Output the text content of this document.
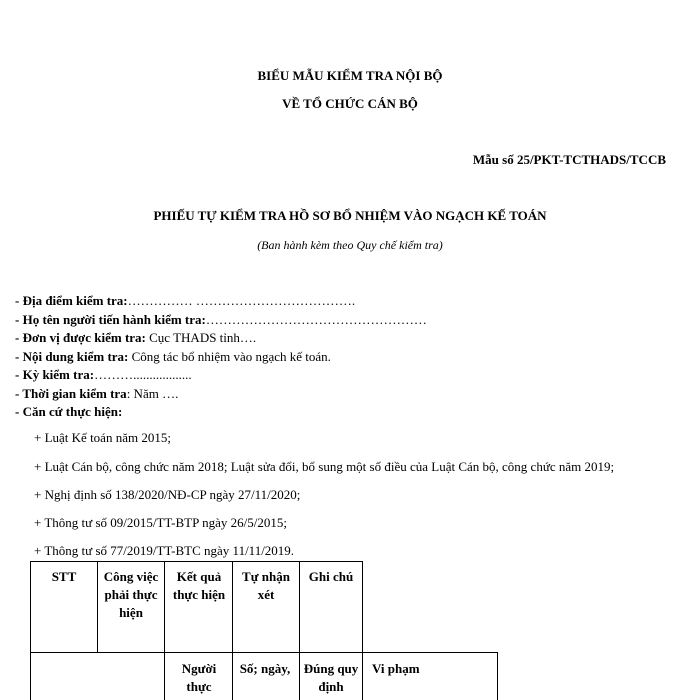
BIỂU MẪU KIỂM TRA NỘI BỘ
VỀ TỔ CHỨC CÁN BỘ
Mẫu số 25/PKT-TCTHADS/TCCB
PHIẾU TỰ KIỂM TRA HỒ SƠ BỔ NHIỆM VÀO NGẠCH KẾ TOÁN
(Ban hành kèm theo Quy chế kiểm tra)
- Địa điểm kiểm tra:…………… ……………………………….
- Họ tên người tiến hành kiểm tra:……………………………………………
- Đơn vị được kiểm tra: Cục THADS tỉnh….
- Nội dung kiểm tra: Công tác bổ nhiệm vào ngạch kế toán.
- Kỳ kiểm tra:………..................
- Thời gian kiểm tra: Năm ….
- Căn cứ thực hiện:
+ Luật Kế toán năm 2015;
+ Luật Cán bộ, công chức năm 2018; Luật sửa đổi, bổ sung một số điều của Luật Cán bộ, công chức năm 2019;
+ Nghị định số 138/2020/NĐ-CP ngày 27/11/2020;
+ Thông tư số 09/2015/TT-BTP ngày 26/5/2015;
+ Thông tư số 77/2019/TT-BTC ngày 11/11/2019.
STT	Công việc phải thực hiện
Kết quả thực hiện
Tự nhận xét
Ghi chú
Người thực
Số; ngày, Đúng quy định
Vi phạm
